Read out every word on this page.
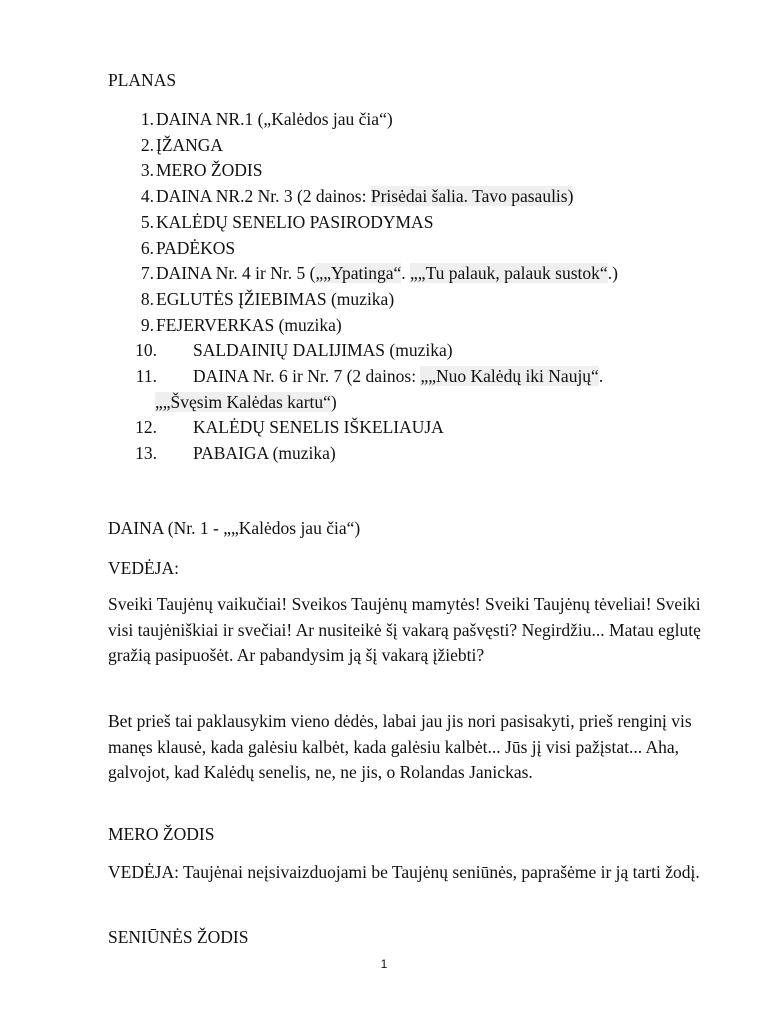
PLANAS
1. DAINA NR.1 („Kalėdos jau čia“)
2. ĮŽANGA
3. MERO ŽODIS
4. DAINA NR.2 Nr. 3 (2 dainos: Prisėdai šalia. Tavo pasaulis)
5. KALĖDŲ SENELIO PASIRODYMAS
6. PADĖKOS
7. DAINA Nr. 4 ir Nr. 5 („„Ypatinga“. „„Tu palauk, palauk sustok“.)
8. EGLUTĖS ĮŽIEBIMAS (muzika)
9. FEJERVERKAS (muzika)
10. SALDAINIŲ DALIJIMAS (muzika)
11. DAINA Nr. 6 ir Nr. 7 (2 dainos: „„Nuo Kalėdų iki Naujų“.
„„Švęsim Kalėdas kartu“)
12. KALĖDŲ SENELIS IŠKELIAUJA
13. PABAIGA (muzika)
DAINA (Nr. 1 - „„Kalėdos jau čia“)
VEDĖJA:
Sveiki Taujėnų vaikučiai! Sveikos Taujėnų mamytės! Sveiki Taujėnų tėveliai! Sveiki visi taujėniškiai ir svečiai! Ar nusiteikė šį vakarą pašvęsti? Negirdžiu... Matau eglutę gražią pasipuošėt. Ar pabandysim ją šį vakarą įžiebti?
Bet prieš tai paklausykim vieno dėdės, labai jau jis nori pasisakyti, prieš renginį vis manęs klausė, kada galėsiu kalbėt, kada galėsiu kalbėt... Jūs jį visi pažįstat... Aha, galvojot, kad Kalėdų senelis, ne, ne jis, o Rolandas Janickas.
MERO ŽODIS
VEDĖJA: Taujėnai neįsivaizduojami be Taujėnų seniūnės, paprašėme ir ją tarti žodį.
SENIŪNĖS ŽODIS
1
